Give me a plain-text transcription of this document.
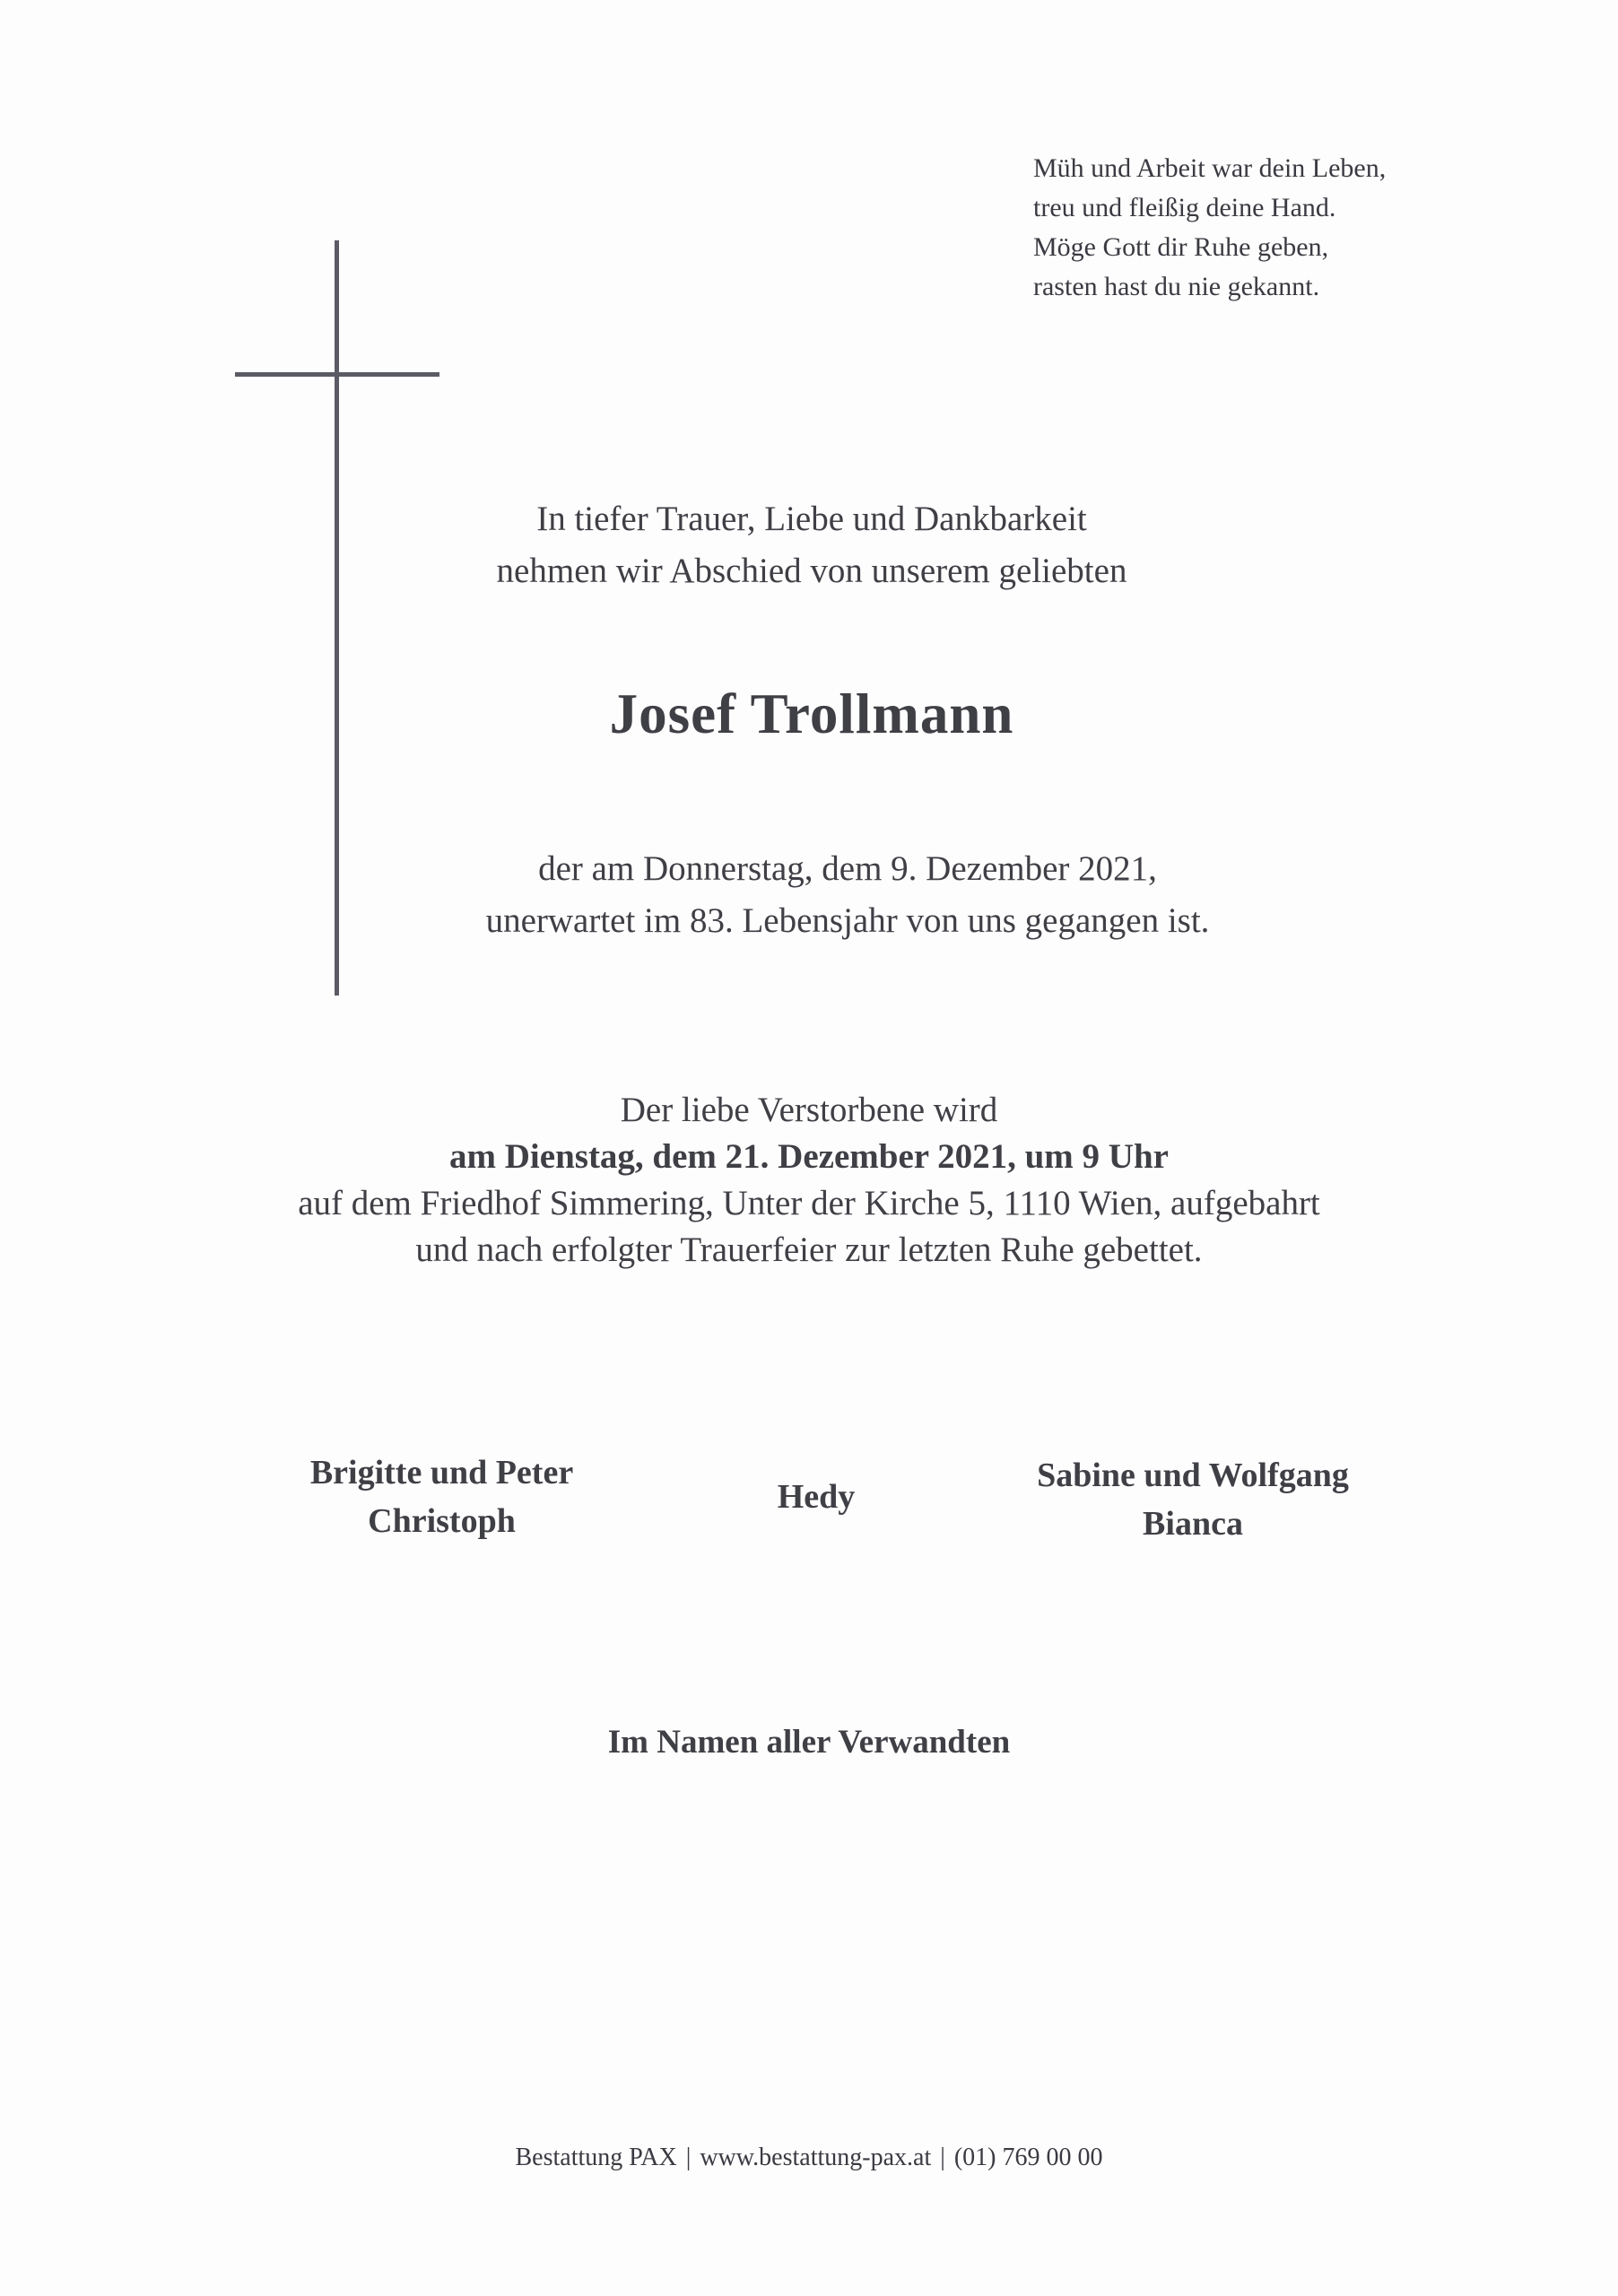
Müh und Arbeit war dein Leben,
treu und fleißig deine Hand.
Möge Gott dir Ruhe geben,
rasten hast du nie gekannt.
In tiefer Trauer, Liebe und Dankbarkeit
nehmen wir Abschied von unserem geliebten
Josef Trollmann
der am Donnerstag, dem 9. Dezember 2021,
unerwartet im 83. Lebensjahr von uns gegangen ist.
Der liebe Verstorbene wird
am Dienstag, dem 21. Dezember 2021, um 9 Uhr
auf dem Friedhof Simmering, Unter der Kirche 5, 1110 Wien, aufgebahrt
und nach erfolgter Trauerfeier zur letzten Ruhe gebettet.
Brigitte und Peter
Christoph
Hedy
Sabine und Wolfgang
Bianca
Im Namen aller Verwandten
Bestattung PAX | www.bestattung-pax.at | (01) 769 00 00
